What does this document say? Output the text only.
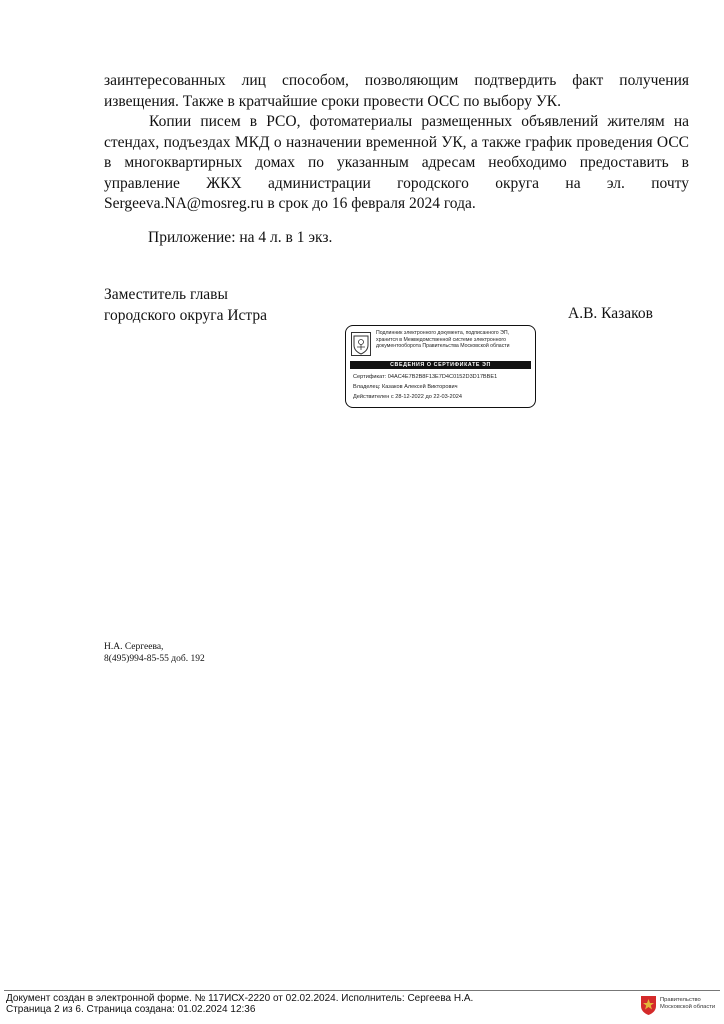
заинтересованных лиц способом, позволяющим подтвердить факт получения извещения. Также в кратчайшие сроки провести ОСС по выбору УК.
Копии писем в РСО, фотоматериалы размещенных объявлений жителям на стендах, подъездах МКД о назначении временной УК, а также график проведения ОСС в многоквартирных домах по указанным адресам необходимо предоставить в управление ЖКХ администрации городского округа на эл. почту Sergeeva.NA@mosreg.ru в срок до 16 февраля 2024 года.
Приложение: на 4 л. в 1 экз.
Заместитель главы
городского округа Истра	А.В. Казаков
Подлинник электронного документа, подписанного ЭП, хранится в Межведомственной системе электронного документооборота Правительства Московской области
СВЕДЕНИЯ О СЕРТИФИКАТЕ ЭП
Сертификат: 04AC4E7B2B8F13E7D4C0152D3D17BBE1
Владелец: Казаков Алексей Викторович
Действителен с 28-12-2022 до 22-03-2024
Н.А. Сергеева,
8(495)994-85-55 доб. 192
Документ создан в электронной форме. № 117ИСХ-2220 от 02.02.2024. Исполнитель: Сергеева Н.А.
Страница 2 из 6. Страница создана: 01.02.2024 12:36
Правительство
Московской области
